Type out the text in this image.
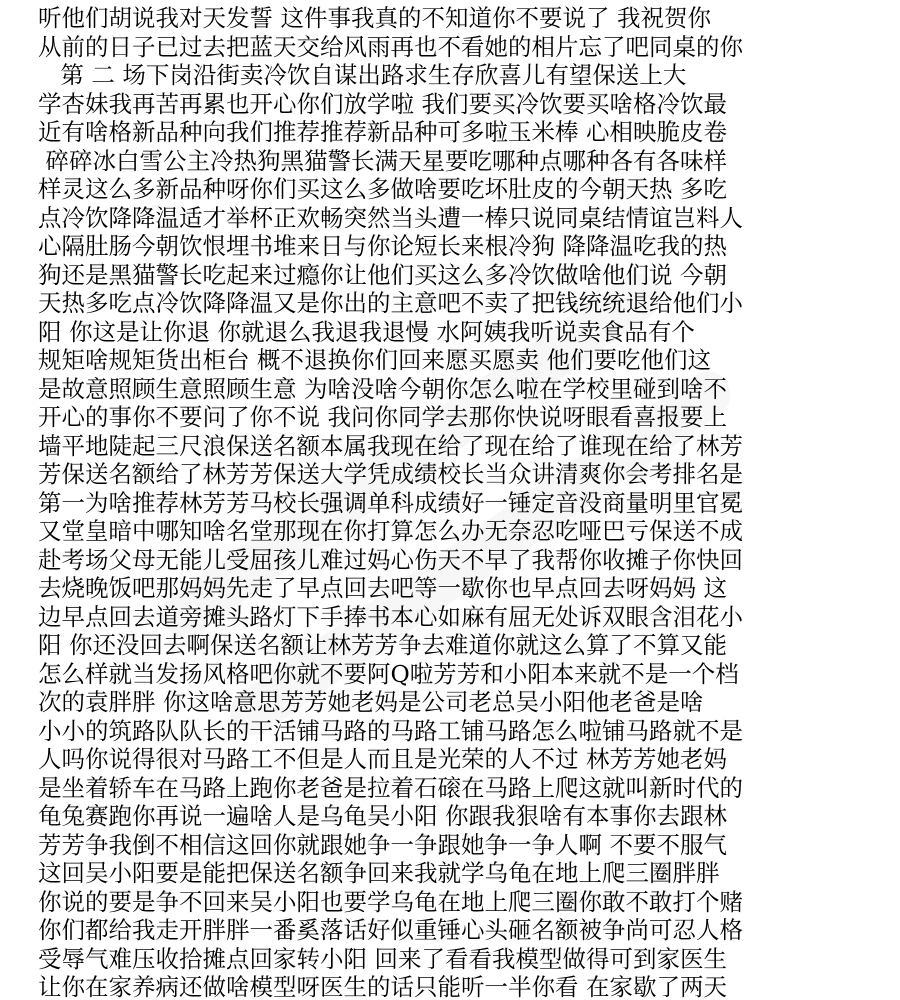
听他们胡说我对天发誓 这件事我真的不知道你不要说了 我祝贺你
从前的日子已过去把蓝天交给风雨再也不看她的相片忘了吧同桌的你
第 二 场下岗沿街卖冷饮自谋出路求生存欣喜儿有望保送上大
学杏妹我再苦再累也开心你们放学啦 我们要买冷饮要买啥格冷饮最
近有啥格新品种向我们推荐推荐新品种可多啦玉米棒 心相映脆皮卷
碎碎冰白雪公主冷热狗黑猫警长满天星要吃哪种点哪种各有各味样
样灵这么多新品种呀你们买这么多做啥要吃坏肚皮的今朝天热 多吃
点冷饮降降温适才举杯正欢畅突然当头遭一棒只说同桌结情谊岂料人
心隔肚肠今朝饮恨埋书堆来日与你论短长来根冷狗 降降温吃我的热
狗还是黑猫警长吃起来过瘾你让他们买这么多冷饮做啥他们说 今朝
天热多吃点冷饮降降温又是你出的主意吧不卖了把钱统统退给他们小
阳 你这是让你退 你就退么我退我退慢 水阿姨我听说卖食品有个
规矩啥规矩货出柜台 概不退换你们回来愿买愿卖 他们要吃他们这
是故意照顾生意照顾生意 为啥没啥今朝你怎么啦在学校里碰到啥不
开心的事你不要问了你不说 我问你同学去那你快说呀眼看喜报要上
墙平地陡起三尺浪保送名额本属我现在给了现在给了谁现在给了林芳
芳保送名额给了林芳芳保送大学凭成绩校长当众讲清爽你会考排名是
第一为啥推荐林芳芳马校长强调单科成绩好一锤定音没商量明里官冕
又堂皇暗中哪知啥名堂那现在你打算怎么办无奈忍吃哑巴亏保送不成
赴考场父母无能儿受屈孩儿难过妈心伤天不早了我帮你收摊子你快回
去烧晚饭吧那妈妈先走了早点回去吧等一歇你也早点回去呀妈妈 这
边早点回去道旁摊头路灯下手捧书本心如麻有屈无处诉双眼含泪花小
阳 你还没回去啊保送名额让林芳芳争去难道你就这么算了不算又能
怎么样就当发扬风格吧你就不要阿Q啦芳芳和小阳本来就不是一个档
次的袁胖胖 你这啥意思芳芳她老妈是公司老总吴小阳他老爸是啥
小小的筑路队队长的干活铺马路的马路工铺马路怎么啦铺马路就不是
人吗你说得很对马路工不但是人而且是光荣的人不过 林芳芳她老妈
是坐着轿车在马路上跑你老爸是拉着石磙在马路上爬这就叫新时代的
龟兔赛跑你再说一遍啥人是乌龟吴小阳 你跟我狠啥有本事你去跟林
芳芳争我倒不相信这回你就跟她争一争跟她争一争人啊 不要不服气
这回吴小阳要是能把保送名额争回来我就学乌龟在地上爬三圈胖胖
你说的要是争不回来吴小阳也要学乌龟在地上爬三圈你敢不敢打个赌
你们都给我走开胖胖一番奚落话好似重锤心头砸名额被争尚可忍人格
受辱气难压收拾摊点回家转小阳 回来了看看我模型做得可到家医生
让你在家养病还做啥模型呀医生的话只能听一半你看 在家歇了两天
